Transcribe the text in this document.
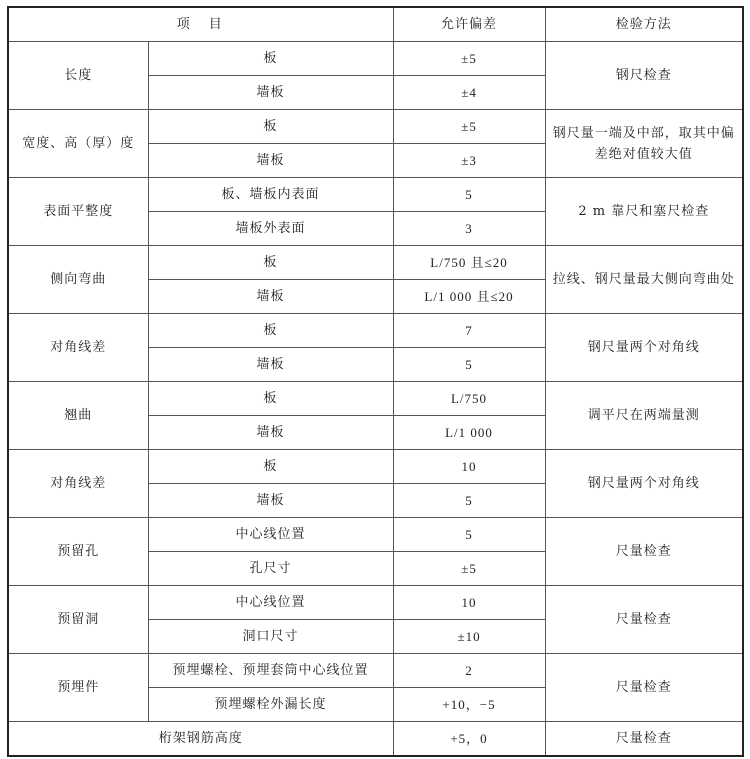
项　目		允许偏差	检验方法
长度	板	±5	钢尺检查
	墙板	±4	
宽度、高（厚）度	板	±5	钢尺量一端及中部，取其中偏差绝对值较大值
	墙板	±3	
表面平整度	板、墙板内表面	5	2 m 靠尺和塞尺检查
	墙板外表面	3	
侧向弯曲	板	L/750 且≤20	拉线、钢尺量最大侧向弯曲处
	墙板	L/1 000 且≤20	
对角线差	板	7	钢尺量两个对角线
	墙板	5	
翘曲	板	L/750	调平尺在两端量测
	墙板	L/1 000	
对角线差	板	10	钢尺量两个对角线
	墙板	5	
预留孔	中心线位置	5	尺量检查
	孔尺寸	±5	
预留洞	中心线位置	10	尺量检查
	洞口尺寸	±10	
预埋件	预埋螺栓、预埋套筒中心线位置	2	尺量检查
	预埋螺栓外漏长度	+10，−5	
桁架钢筋高度		+5，0	尺量检查
